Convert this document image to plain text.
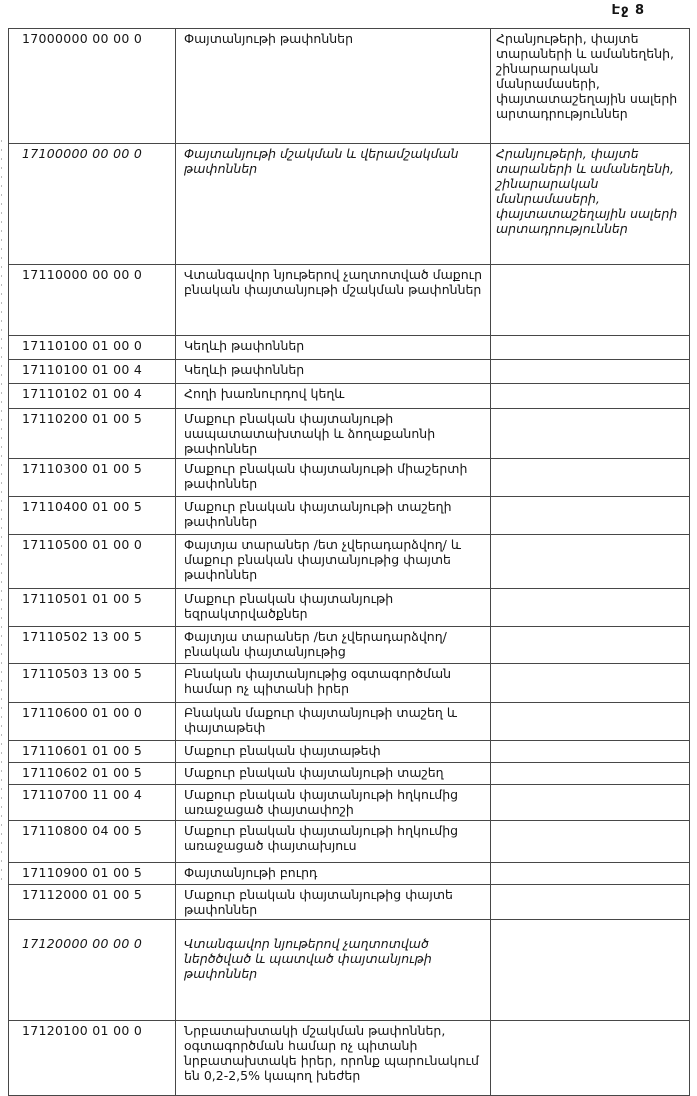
Էջ 8
17000000 00 00 0	Փայտանյութի թափոններ	Հրանյութերի, փայտե տարաների և ամանեղենի, շինարարական մանրամասերի, փայտատաշեղային սալերի արտադրություններ
17100000 00 00 0	Փայտանյութի մշակման և վերամշակման թափոններ	Հրանյութերի, փայտե տարաների և ամանեղենի, շինարարական մանրամասերի, փայտատաշեղային սալերի արտադրություններ
17110000 00 00 0	Վտանգավոր նյութերով չաղտոտված մաքուր բնական փայտանյութի մշակման թափոններ	
17110100 01 00 0	Կեղևի թափոններ	
17110100 01 00 4	Կեղևի թափոններ	
17110102 01 00 4	Հողի խառնուրդով կեղև	
17110200 01 00 5	Մաքուր բնական փայտանյութի սապատատախտակի և ձողաքանոնի թափոններ	
17110300 01 00 5	Մաքուր բնական փայտանյութի միաշերտի թափոններ	
17110400 01 00 5	Մաքուր բնական փայտանյութի տաշեղի թափոններ	
17110500 01 00 0	Փայտյա տարաներ /ետ չվերադարձվող/ և մաքուր բնական փայտանյութից փայտե թափոններ	
17110501 01 00 5	Մաքուր բնական փայտանյութի եզրակտրվածքներ	
17110502 13 00 5	Փայտյա տարաներ /ետ չվերադարձվող/ բնական փայտանյութից	
17110503 13 00 5	Բնական փայտանյութից օգտագործման համար ոչ պիտանի իրեր	
17110600 01 00 0	Բնական մաքուր փայտանյութի տաշեղ և փայտաթեփ	
17110601 01 00 5	Մաքուր բնական փայտաթեփ	
17110602 01 00 5	Մաքուր բնական փայտանյութի տաշեղ	
17110700 11 00 4	Մաքուր բնական փայտանյութի հղկումից առաջացած փայտափոշի	
17110800 04 00 5	Մաքուր բնական փայտանյութի հղկումից առաջացած փայտախյուս	
17110900 01 00 5	Փայտանյութի բուրդ	
17112000 01 00 5	Մաքուր բնական փայտանյութից փայտե թափոններ	
17120000 00 00 0	Վտանգավոր նյութերով չաղտոտված ներծծված և պատված փայտանյութի թափոններ	
17120100 01 00 0	Նրբատախտակի մշակման թափոններ, օգտագործման համար ոչ պիտանի նրբատախտակե իրեր, որոնք պարունակում են 0,2-2,5% կապող խեժեր	
